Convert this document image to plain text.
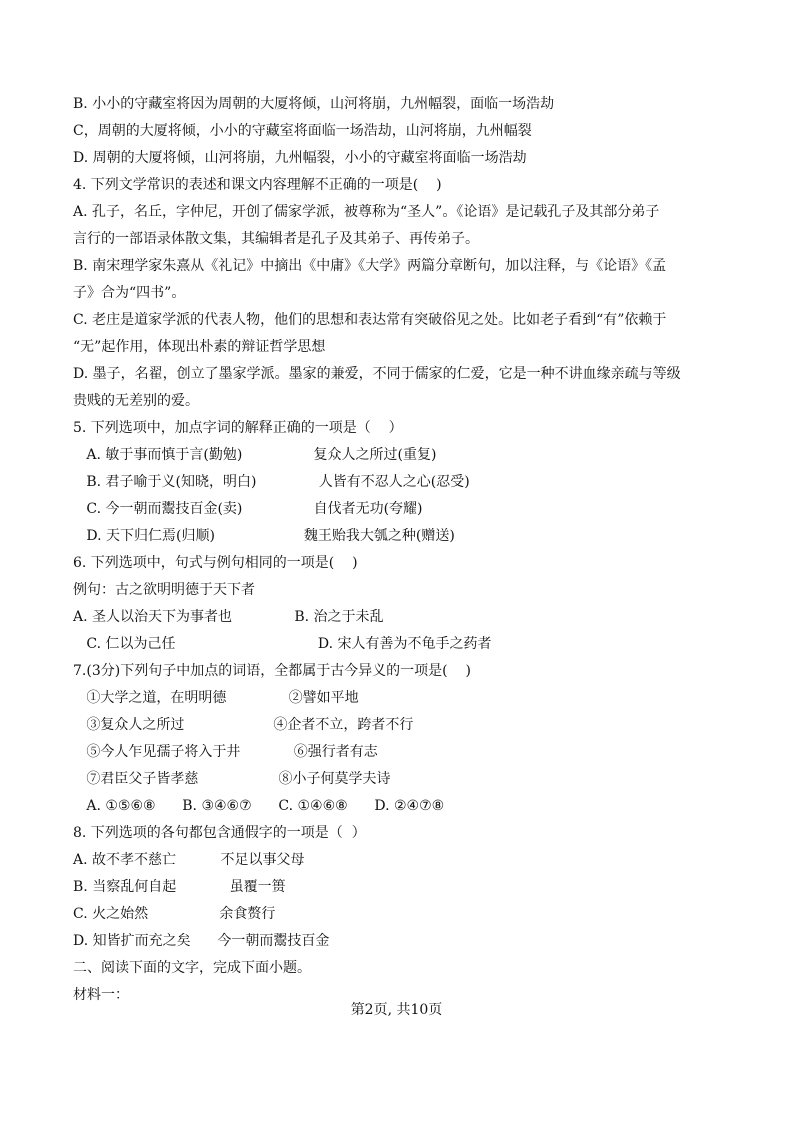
B. 小小的守藏室将因为周朝的大厦将倾，山河将崩，九州幅裂，面临一场浩劫
C，周朝的大厦将倾，小小的守藏室将面临一场浩劫，山河将崩，九州幅裂
D. 周朝的大厦将倾，山河将崩，九州幅裂，小小的守藏室将面临一场浩劫
4. 下列文学常识的表述和课文内容理解不正确的一项是(    )
A. 孔子，名丘，字仲尼，开创了儒家学派，被尊称为“圣人”。《论语》是记载孔子及其部分弟子
言行的一部语录体散文集，其编辑者是孔子及其弟子、再传弟子。
B. 南宋理学家朱熹从《礼记》中摘出《中庸》《大学》两篇分章断句，加以注释，与《论语》《孟
子》合为“四书”。
C. 老庄是道家学派的代表人物，他们的思想和表达常有突破俗见之处。比如老子看到“有”依赖于
“无”起作用，体现出朴素的辩证哲学思想
D. 墨子，名翟，创立了墨家学派。墨家的兼爱，不同于儒家的仁爱，它是一种不讲血缘亲疏与等级
贵贱的无差别的爱。
5. 下列选项中，加点字词的解释正确的一项是（    ）
A. 敏于事而慎于言(勤勉)                复众人之所过(重复)
B. 君子喻于义(知晓，明白)              人皆有不忍人之心(忍受)
C. 今一朝而鬻技百金(卖)                自伐者无功(夸耀)
D. 天下归仁焉(归顺)                    魏王贻我大瓠之种(赠送)
6. 下列选项中，句式与例句相同的一项是(    )
例句：古之欲明明德于天下者
A. 圣人以治天下为事者也              B. 治之于未乱
C. 仁以为己任                                D. 宋人有善为不龟手之药者
7.(3分)下列句子中加点的词语，全都属于古今异义的一项是(    )
①大学之道，在明明德              ②譬如平地
③复众人之所过                    ④企者不立，跨者不行
⑤今人乍见孺子将入于井            ⑥强行者有志
⑦君臣父子皆孝慈                  ⑧小子何莫学夫诗
A. ①⑤⑥⑧      B. ③④⑥⑦      C. ①④⑥⑧      D. ②④⑦⑧
8. 下列选项的各句都包含通假字的一项是（  ）
A. 故不孝不慈亡          不足以事父母
B. 当察乱何自起            虽覆一篑
C. 火之始然                余食赘行
D. 知皆扩而充之矣      今一朝而鬻技百金
二、阅读下面的文字，完成下面小题。
材料一：
第2页, 共10页
